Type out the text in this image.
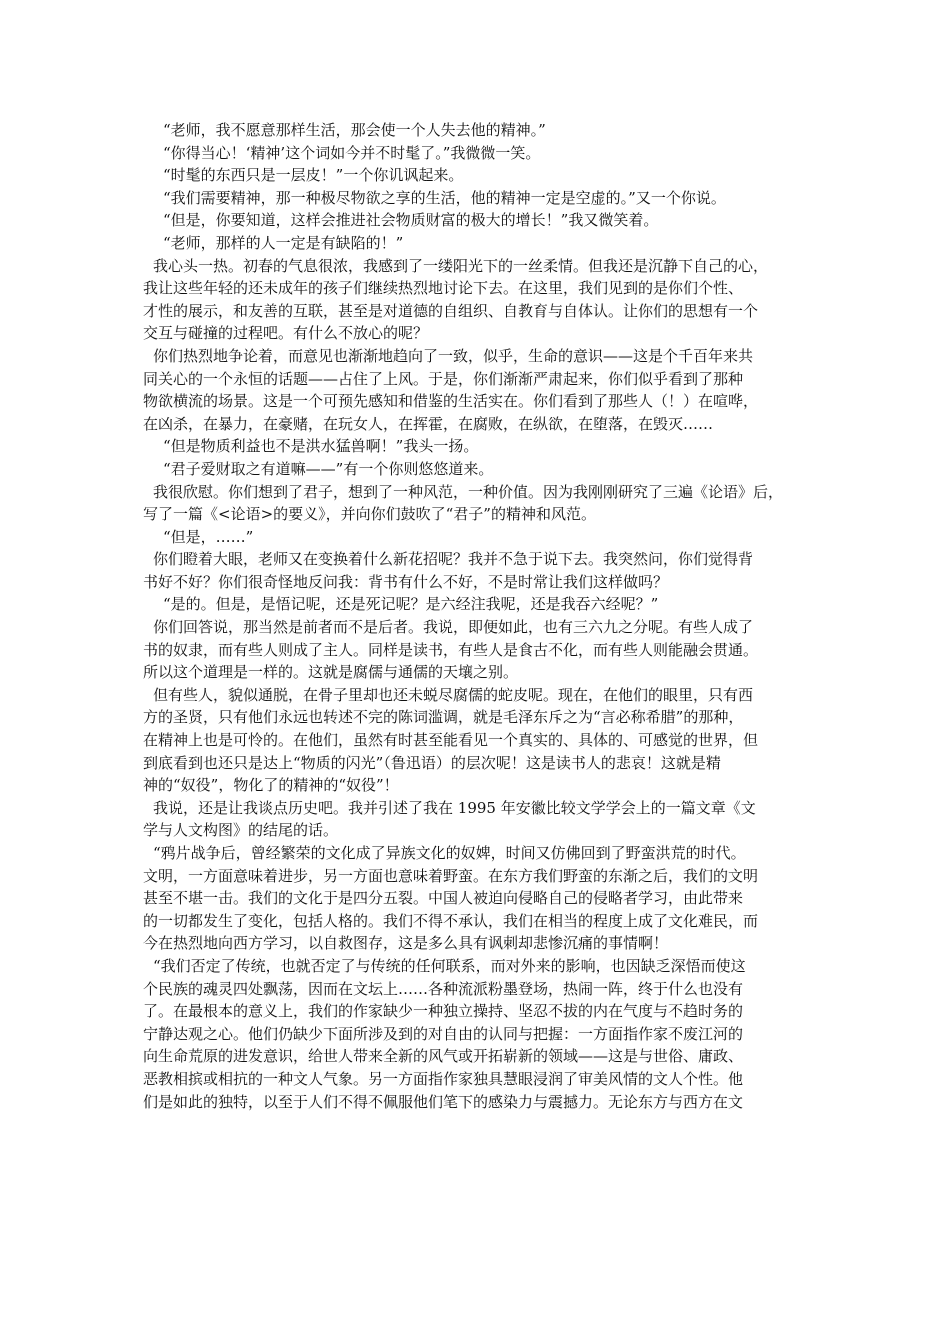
“老师，我不愿意那样生活，那会使一个人失去他的精神。”
“你得当心！‘精神’这个词如今并不时髦了。”我微微一笑。
“时髦的东西只是一层皮！”一个你讥讽起来。
“我们需要精神，那一种极尽物欲之享的生活，他的精神一定是空虚的。”又一个你说。
“但是，你要知道，这样会推进社会物质财富的极大的增长！”我又微笑着。
“老师，那样的人一定是有缺陷的！”
我心头一热。初春的气息很浓，我感到了一缕阳光下的一丝柔情。但我还是沉静下自己的心，
我让这些年轻的还未成年的孩子们继续热烈地讨论下去。在这里，我们见到的是你们个性、
才性的展示，和友善的互联，甚至是对道德的自组织、自教育与自体认。让你们的思想有一个
交互与碰撞的过程吧。有什么不放心的呢？
你们热烈地争论着，而意见也渐渐地趋向了一致，似乎，生命的意识——这是个千百年来共
同关心的一个永恒的话题——占住了上风。于是，你们渐渐严肃起来，你们似乎看到了那种
物欲横流的场景。这是一个可预先感知和借鉴的生活实在。你们看到了那些人（！）在喧哗，
在凶杀，在暴力，在豪赌，在玩女人，在挥霍，在腐败，在纵欲，在堕落，在毁灭……
“但是物质利益也不是洪水猛兽啊！”我头一扬。
“君子爱财取之有道嘛——”有一个你则悠悠道来。
我很欣慰。你们想到了君子，想到了一种风范，一种价值。因为我刚刚研究了三遍《论语》后，
写了一篇《<论语>的要义》，并向你们鼓吹了“君子”的精神和风范。
“但是，……”
你们瞪着大眼，老师又在变换着什么新花招呢？我并不急于说下去。我突然问，你们觉得背
书好不好？你们很奇怪地反问我：背书有什么不好，不是时常让我们这样做吗？
“是的。但是，是悟记呢，还是死记呢？是六经注我呢，还是我吞六经呢？”
你们回答说，那当然是前者而不是后者。我说，即便如此，也有三六九之分呢。有些人成了
书的奴隶，而有些人则成了主人。同样是读书，有些人是食古不化，而有些人则能融会贯通。
所以这个道理是一样的。这就是腐儒与通儒的天壤之别。
但有些人，貌似通脱，在骨子里却也还未蜕尽腐儒的蛇皮呢。现在，在他们的眼里，只有西
方的圣贤，只有他们永远也转述不完的陈词滥调，就是毛泽东斥之为“言必称希腊”的那种，
在精神上也是可怜的。在他们，虽然有时甚至能看见一个真实的、具体的、可感觉的世界，但
到底看到也还只是达上“物质的闪光”（鲁迅语）的层次呢！这是读书人的悲哀！这就是精
神的“奴役”，物化了的精神的“奴役”！
我说，还是让我谈点历史吧。我并引述了我在 1995 年安徽比较文学学会上的一篇文章《文
学与人文构图》的结尾的话。
“鸦片战争后，曾经繁荣的文化成了异族文化的奴婢，时间又仿佛回到了野蛮洪荒的时代。
文明，一方面意味着进步，另一方面也意味着野蛮。在东方我们野蛮的东渐之后，我们的文明
甚至不堪一击。我们的文化于是四分五裂。中国人被迫向侵略自己的侵略者学习，由此带来
的一切都发生了变化，包括人格的。我们不得不承认，我们在相当的程度上成了文化难民，而
今在热烈地向西方学习，以自救图存，这是多么具有讽刺却悲惨沉痛的事情啊！
“我们否定了传统，也就否定了与传统的任何联系，而对外来的影响，也因缺乏深悟而使这
个民族的魂灵四处飘荡，因而在文坛上……各种流派粉墨登场，热闹一阵，终于什么也没有
了。在最根本的意义上，我们的作家缺少一种独立操持、坚忍不拔的内在气度与不趋时务的
宁静达观之心。他们仍缺少下面所涉及到的对自由的认同与把握：一方面指作家不废江河的
向生命荒原的进发意识，给世人带来全新的风气或开拓崭新的领域——这是与世俗、庸政、
恶教相摈或相抗的一种文人气象。另一方面指作家独具慧眼浸润了审美风情的文人个性。他
们是如此的独特，以至于人们不得不佩服他们笔下的感染力与震撼力。无论东方与西方在文
